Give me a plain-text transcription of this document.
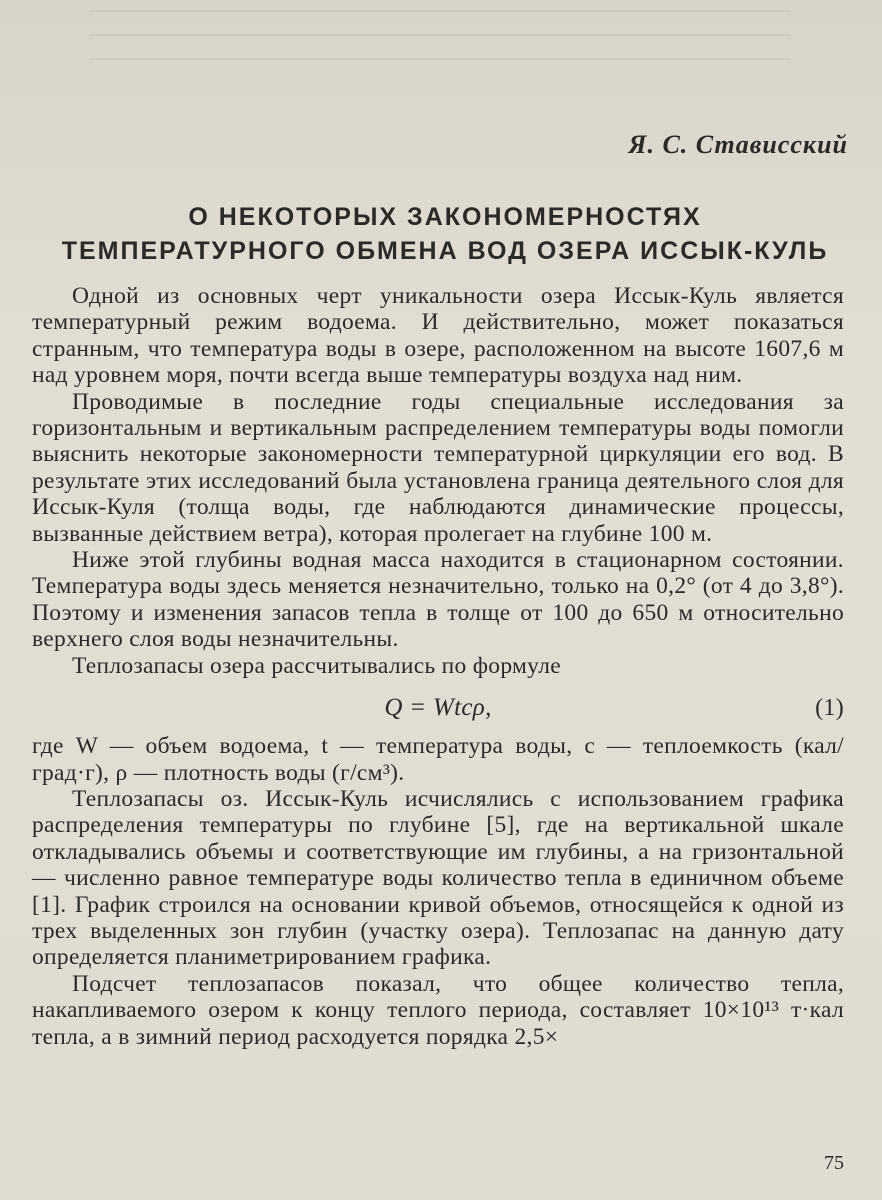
Я. С. Стависский
О НЕКОТОРЫХ ЗАКОНОМЕРНОСТЯХ
ТЕМПЕРАТУРНОГО ОБМЕНА ВОД ОЗЕРА ИССЫК-КУЛЬ

Одной из основных черт уникальности озера Иссык-Куль является температурный режим водоема. И действительно, может показаться странным, что температура воды в озере, расположенном на высоте 1607,6 м над уровнем моря, почти всегда выше температуры воздуха над ним.

Проводимые в последние годы специальные исследования за горизонтальным и вертикальным распределением температуры воды помогли выяснить некоторые закономерности температурной циркуляции его вод. В результате этих исследований была установлена граница деятельного слоя для Иссык-Куля (толща воды, где наблюдаются динамические процессы, вызванные действием ветра), которая пролегает на глубине 100 м.

Ниже этой глубины водная масса находится в стационарном состоянии. Температура воды здесь меняется незначительно, только на 0,2° (от 4 до 3,8°). Поэтому и изменения запасов тепла в толще от 100 до 650 м относительно верхнего слоя воды незначительны.

Теплозапасы озера рассчитывались по формуле

Q = Wtcρ,	(1)

где W — объем водоема, t — температура воды, c — теплоемкость (кал/град·г), ρ — плотность воды (г/см³).

Теплозапасы оз. Иссык-Куль исчислялись с использованием графика распределения температуры по глубине [5], где на вертикальной шкале откладывались объемы и соответствующие им глубины, а на гризонтальной — численно равное температуре воды количество тепла в единичном объеме [1]. График строился на основании кривой объемов, относящейся к одной из трех выделенных зон глубин (участку озера). Теплозапас на данную дату определяется планиметрированием графика.

Подсчет теплозапасов показал, что общее количество тепла, накапливаемого озером к концу теплого периода, составляет 10×10¹³ т·кал тепла, а в зимний период расходуется порядка 2,5×

75
